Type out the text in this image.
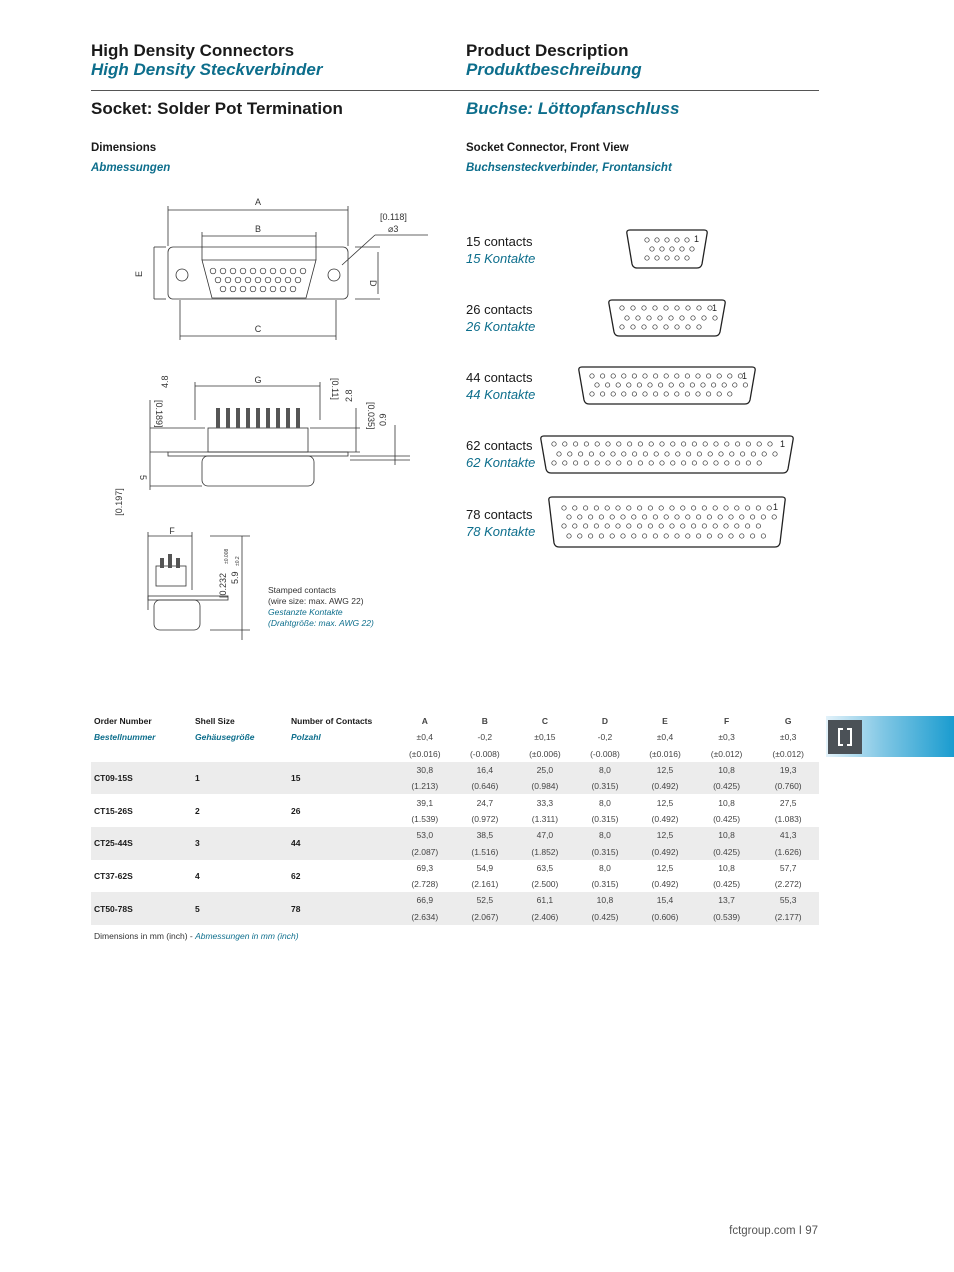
High Density Connectors
High Density Steckverbinder
Product Description
Produktbeschreibung
Socket: Solder Pot Termination	Buchse: Löttopfanschluss
Dimensions
Abmessungen
Socket Connector, Front View
Buchsensteckverbinder, Frontansicht
A
B
C
G
F
[0.118]
⌀3
E
D
[0.189]
4.8	[0.11] 2.8
[0.035] 0.9
[0.197]
5
[0.232
±0.008
5.9
±0.2
Stamped contacts
(wire size: max. AWG 22)
Gestanzte Kontakte
(Drahtgröße: max. AWG 22)
15 contacts
15 Kontakte
26 contacts
26 Kontakte
44 contacts
44 Kontakte
62 contacts
62 Kontakte
78 contacts
78 Kontakte
1
1
1
1
1
Order Number	Shell Size	Number of Contacts	A	B	C	D	E	F	G
Bestellnummer	Gehäusegröße	Polzahl	±0,4	-0,2	±0,15	-0,2	±0,4	±0,3	±0,3
			(±0.016)	(-0.008)	(±0.006)	(-0.008)	(±0.016)	(±0.012)	(±0.012)
CT09-15S	1	15	30,8	16,4	25,0	8,0	12,5	10,8	19,3
			(1.213)	(0.646)	(0.984)	(0.315)	(0.492)	(0.425)	(0.760)
CT15-26S	2	26	39,1	24,7	33,3	8,0	12,5	10,8	27,5
			(1.539)	(0.972)	(1.311)	(0.315)	(0.492)	(0.425)	(1.083)
CT25-44S	3	44	53,0	38,5	47,0	8,0	12,5	10,8	41,3
			(2.087)	(1.516)	(1.852)	(0.315)	(0.492)	(0.425)	(1.626)
CT37-62S	4	62	69,3	54,9	63,5	8,0	12,5	10,8	57,7
			(2.728)	(2.161)	(2.500)	(0.315)	(0.492)	(0.425)	(2.272)
CT50-78S	5	78	66,9	52,5	61,1	10,8	15,4	13,7	55,3
			(2.634)	(2.067)	(2.406)	(0.425)	(0.606)	(0.539)	(2.177)
Dimensions in mm (inch) - Abmessungen in mm (inch)
fctgroup.com I 97
